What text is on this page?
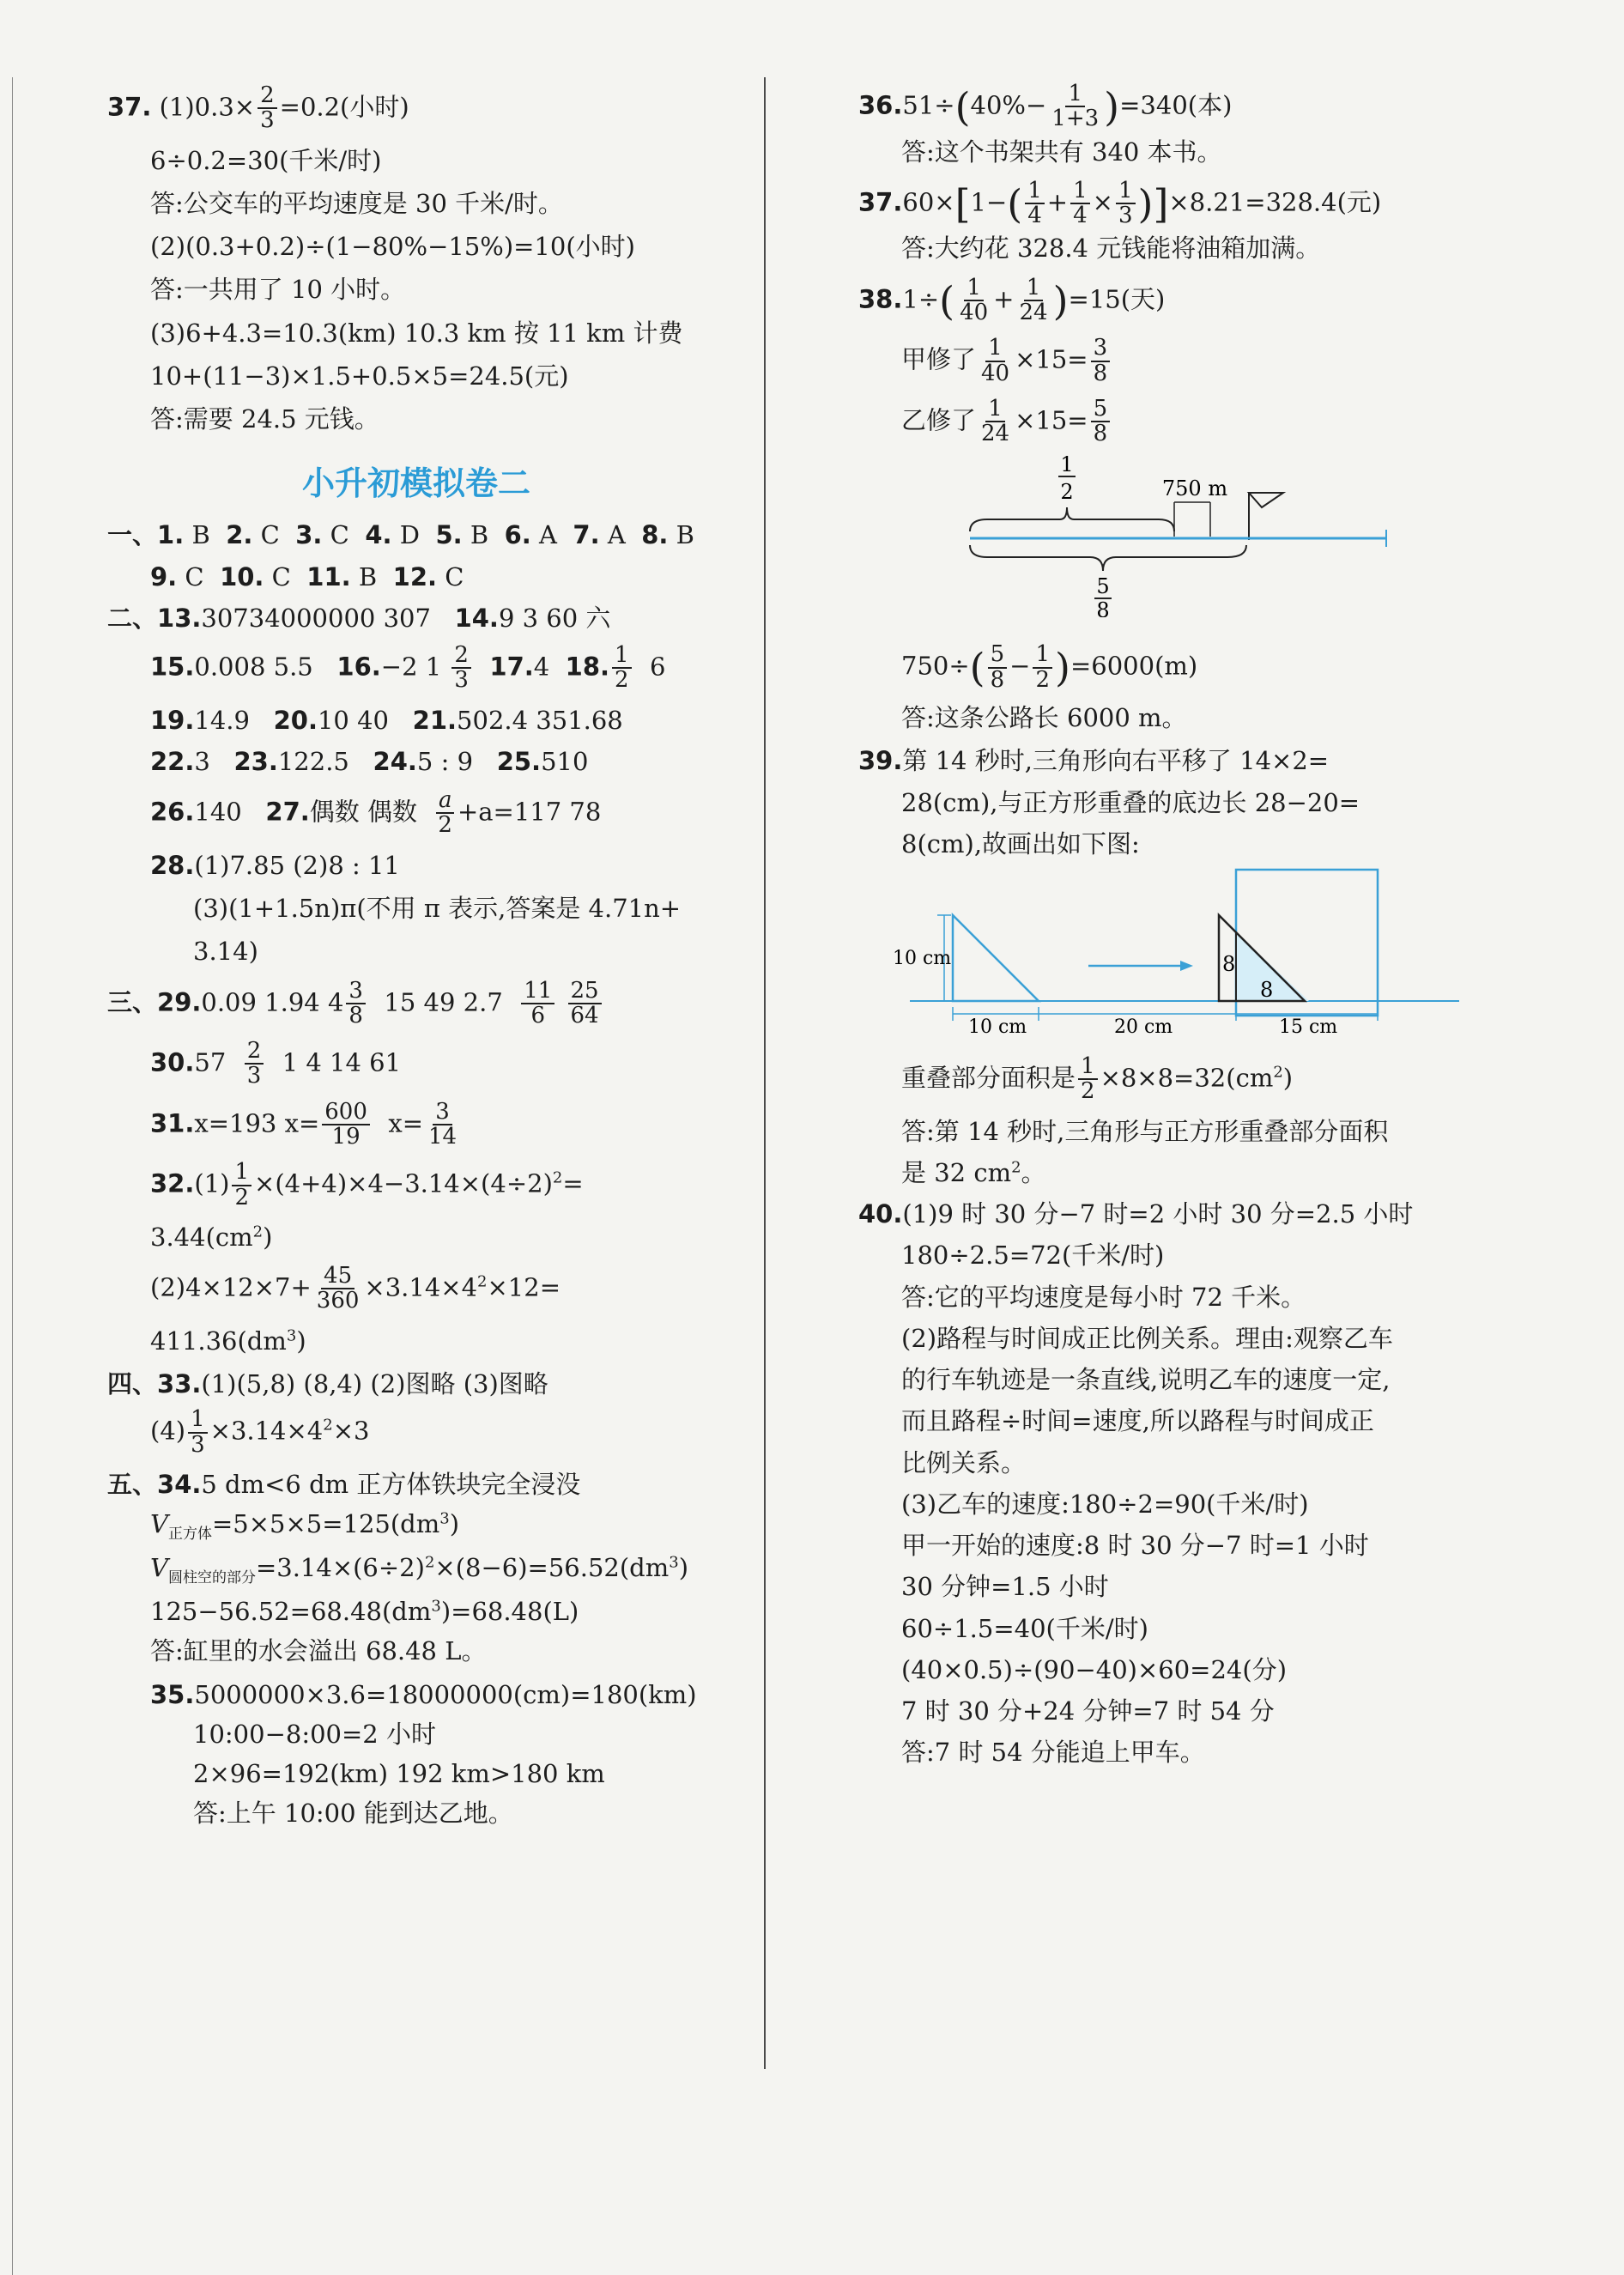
37. $(1)0.3\times \frac{2}{3} =0.2$(小时)

6÷0.2=30(千米/时)

答:公交车的平均速度是 30 千米/时。

(2)(0.3+0.2)÷(1−80%−15%)=10(小时)

答:一共用了 10 小时。

(3)6+4.3=10.3(km) 10.3 km 按 11 km 计费

10+(11−3)×1.5+0.5×5=24.5(元)

答:需要 24.5 元钱。

小升初模拟卷二

一、1. B 2. C 3. C 4. D 5. B 6. A 7. A 8. B

9. C 10. C 11. B 12. C

二、13.30734000000 307 14.9 3 60 六

15.0.008 5.5 16.−2 $1 \frac{2}{3} 17.4$ 18. $\frac{1}{2} 6$

19.14.9 20.10 40 21.502.4 351.68

22.3 23.122.5 24.5 : 9 25.510

26.140 27.偶数 偶数 $\frac{a}{2} +a=117$ 78

28.(1)7.85 (2)8 : 11

(3)(1+1.5n)π(不用 π 表示,答案是 4.71n+

3.14)

三、29.0.09 1.94 $4 \frac{3}{8} 15$ 49 $2.7 \frac{11}{6}$
$\frac{25}{64}$

$30.57 \frac{2}{3} 1$ 4 14 61

31.x=193 $x= \frac{600}{19} x= \frac{3}{14}$

$32.(1) \frac{1}{2} \times(4+4)\times 4-3.14\times(4\div 2)^2=$

$3.44(cm^2)$

$(2)4\times 12\times 7+ \frac{45}{360} \times 3.14\times 4^2\times 12=$

$411.36(dm^3)$

四、33.(1)(5,8) (8,4) (2)图略 (3)图略

$(4) \frac{1}{3} \times 3.14\times 4^2\times 3$

五、34.5 dm<6 dm 正方体铁块完全浸没

$V_{正方体}=5\times 5\times 5=125(dm^3)$

$V_{圆柱空的部分}=3.14\times(6\div 2)^2\times(8-6)=56.52(dm^3)$

$125-56.52=68.48(dm^3)=68.48(L)$

答:缸里的水会溢出 68.48 L。

35.5000000×3.6=18000000(cm)=180(km)

10:00−8:00=2 小时

2×96=192(km) 192 km>180 km

答:上午 10:00 能到达乙地。

$36.51\div(40\%- \frac{1}{1+3} )=340$(本)

答:这个书架共有 340 本书。

$37.60\times[1-( \frac{1}{4} + \frac{1}{4} \times \frac{1}{3} )]\times 8.21=328.4$(元)

答:大约花 328.4 元钱能将油箱加满。

$38.1\div( \frac{1}{40} + \frac{1}{24} )=15$(天)

甲修了 $\frac{1}{40} \times 15= \frac{3}{8}$

乙修了 $\frac{1}{24} \times 15= \frac{5}{8}$

1
2	750 m
5
8

$750\div( \frac{5}{8} - \frac{1}{2} )=6000(m)$

答:这条公路长 6000 m。

39.第 14 秒时,三角形向右平移了 14×2=

28(cm),与正方形重叠的底边长 28−20=

8(cm),故画出如下图:

10 cm
10 cm	20 cm	15 cm
8
8

重叠部分面积是 $\frac{1}{2} \times 8\times 8=32(cm^2)$

答:第 14 秒时,三角形与正方形重叠部分面积

是 32 $cm^2$。

40.(1)9 时 30 分−7 时=2 小时 30 分=2.5 小时

180÷2.5=72(千米/时)

答:它的平均速度是每小时 72 千米。

(2)路程与时间成正比例关系。理由:观察乙车

的行车轨迹是一条直线,说明乙车的速度一定,

而且路程÷时间=速度,所以路程与时间成正

比例关系。

(3)乙车的速度:180÷2=90(千米/时)

甲一开始的速度:8 时 30 分−7 时=1 小时

30 分钟=1.5 小时

60÷1.5=40(千米/时)

(40×0.5)÷(90−40)×60=24(分)

7 时 30 分+24 分钟=7 时 54 分

答:7 时 54 分能追上甲车。
